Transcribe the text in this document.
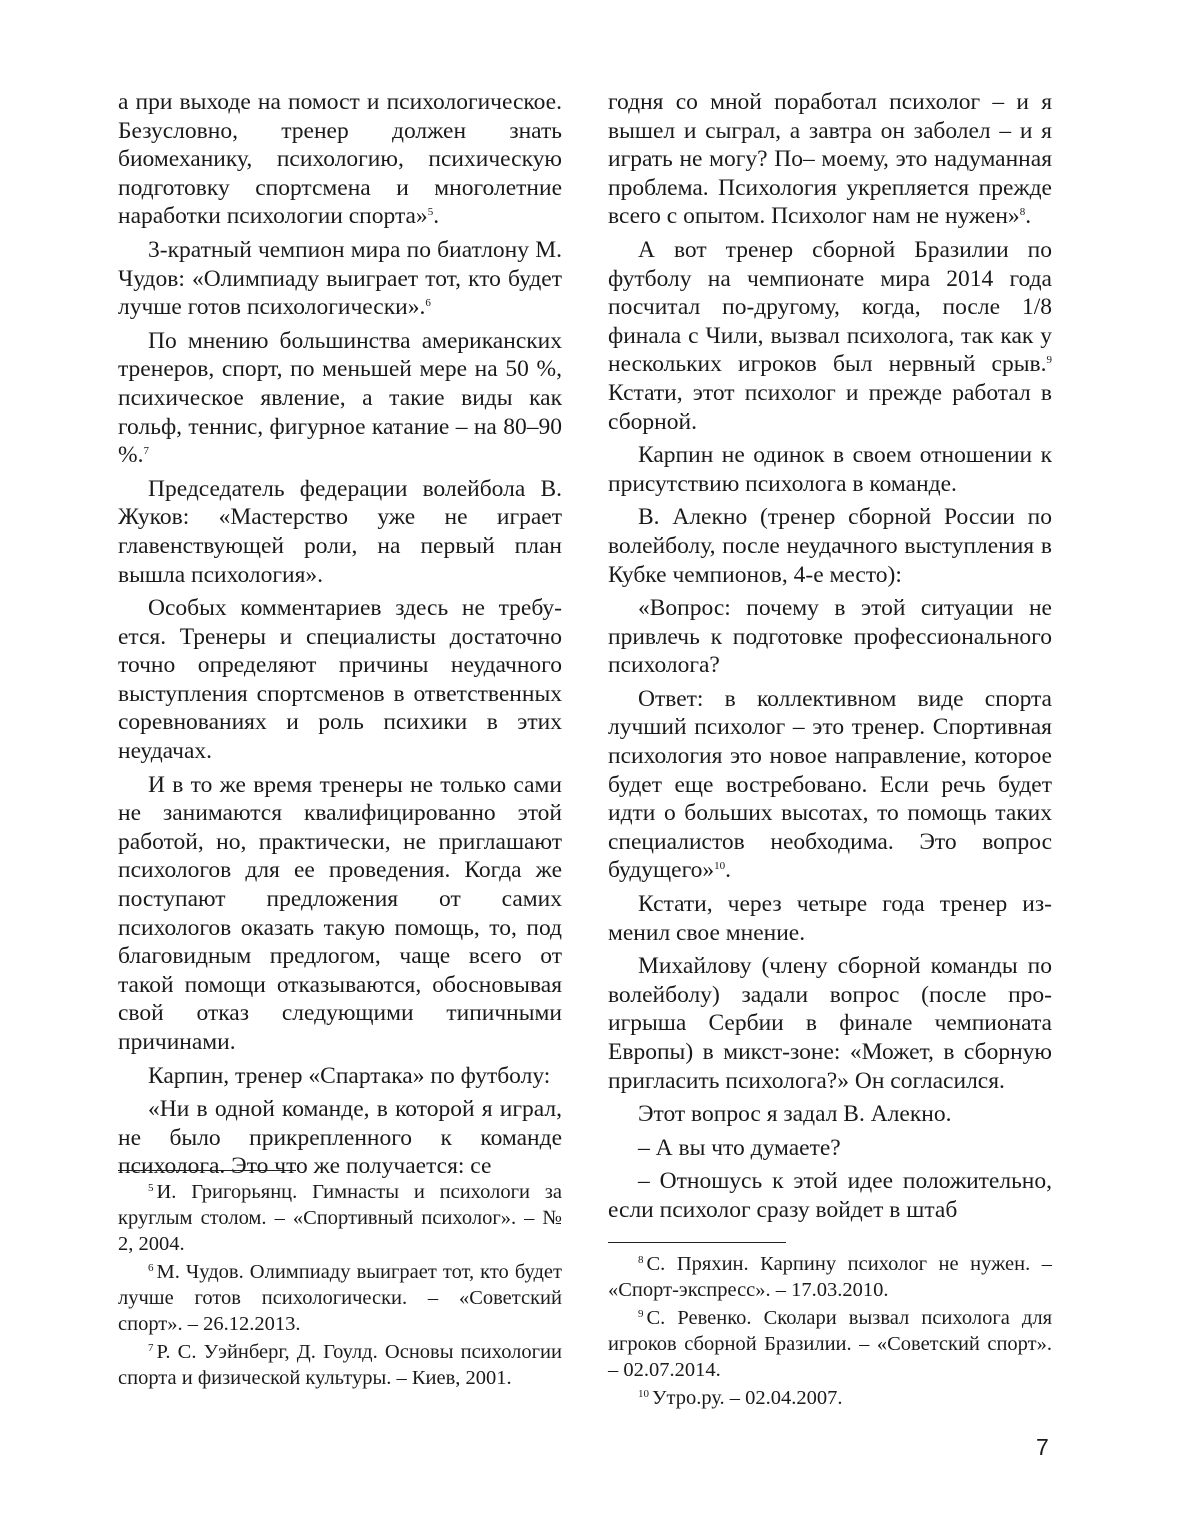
а при выходе на помост и психологическое. Безусловно, тренер должен знать биомеханику, психологию, психическую подготовку спортсмена и многолетние наработки психологии спорта»$^5$.

3-кратный чемпион мира по биатлону М. Чудов: «Олимпиаду выиграет тот, кто будет лучше готов психологически».$^6$

По мнению большинства американских тренеров, спорт, по меньшей мере на 50 %, психическое явление, а такие виды как гольф, теннис, фигурное катание – на 80–90 %.$^7$

Председатель федерации волейбола В. Жуков: «Мастерство уже не играет главенствующей роли, на первый план вышла психология».

Особых комментариев здесь не требуется. Тренеры и специалисты достаточно точно определяют причины неудачного выступления спортсменов в ответственных соревнованиях и роль психики в этих неудачах.

И в то же время тренеры не только сами не занимаются квалифицированно этой работой, но, практически, не приглашают психологов для ее проведения. Когда же поступают предложения от самих психологов оказать такую помощь, то, под благовидным предлогом, чаще всего от такой помощи отказываются, обосновывая свой отказ следующими типичными причинами.

Карпин, тренер «Спартака» по футболу:

«Ни в одной команде, в которой я играл, не было прикрепленного к команде психолога. Это что же получается: се

годня со мной поработал психолог – и я вышел и сыграл, а завтра он заболел – и я играть не могу? По– моему, это надуманная проблема. Психология укрепляется прежде всего с опытом. Психолог нам не нужен»$^8$.

А вот тренер сборной Бразилии по футболу на чемпионате мира 2014 года посчитал по-другому, когда, после 1/8 финала с Чили, вызвал психолога, так как у нескольких игроков был нервный срыв.$^9$ Кстати, этот психолог и прежде работал в сборной.

Карпин не одинок в своем отношении к присутствию психолога в команде.

В. Алекно (тренер сборной России по волейболу, после неудачного выступления в Кубке чемпионов, 4-е место):

«Вопрос: почему в этой ситуации не привлечь к подготовке профессионального психолога?

Ответ: в коллективном виде спорта лучший психолог – это тренер. Спортивная психология это новое направление, которое будет еще востребовано. Если речь будет идти о больших высотах, то помощь таких специалистов необходима. Это вопрос будущего»$^{10}$.

Кстати, через четыре года тренер изменил свое мнение.

Михайлову (члену сборной команды по волейболу) задали вопрос (после проигрыша Сербии в финале чемпионата Европы) в микст-зоне: «Может, в сборную пригласить психолога?» Он согласился.

Этот вопрос я задал В. Алекно.

– А вы что думаете?

– Отношусь к этой идее положительно, если психолог сразу войдет в штаб

$^5$ И. Григорьянц. Гимнасты и психологи за круглым столом. – «Спортивный психолог». – № 2, 2004.

$^6$ М. Чудов. Олимпиаду выиграет тот, кто будет лучше готов психологически. – «Советский спорт». – 26.12.2013.

$^7$ Р. С. Уэйнберг, Д. Гоулд. Основы психологии спорта и физической культуры. – Киев, 2001.

$^8$ С. Пряхин. Карпину психолог не нужен. – «Спорт-экспресс». – 17.03.2010.

$^9$ С. Ревенко. Сколари вызвал психолога для игроков сборной Бразилии. – «Советский спорт». – 02.07.2014.

$^{10}$ Утро.ру. – 02.04.2007.

7
